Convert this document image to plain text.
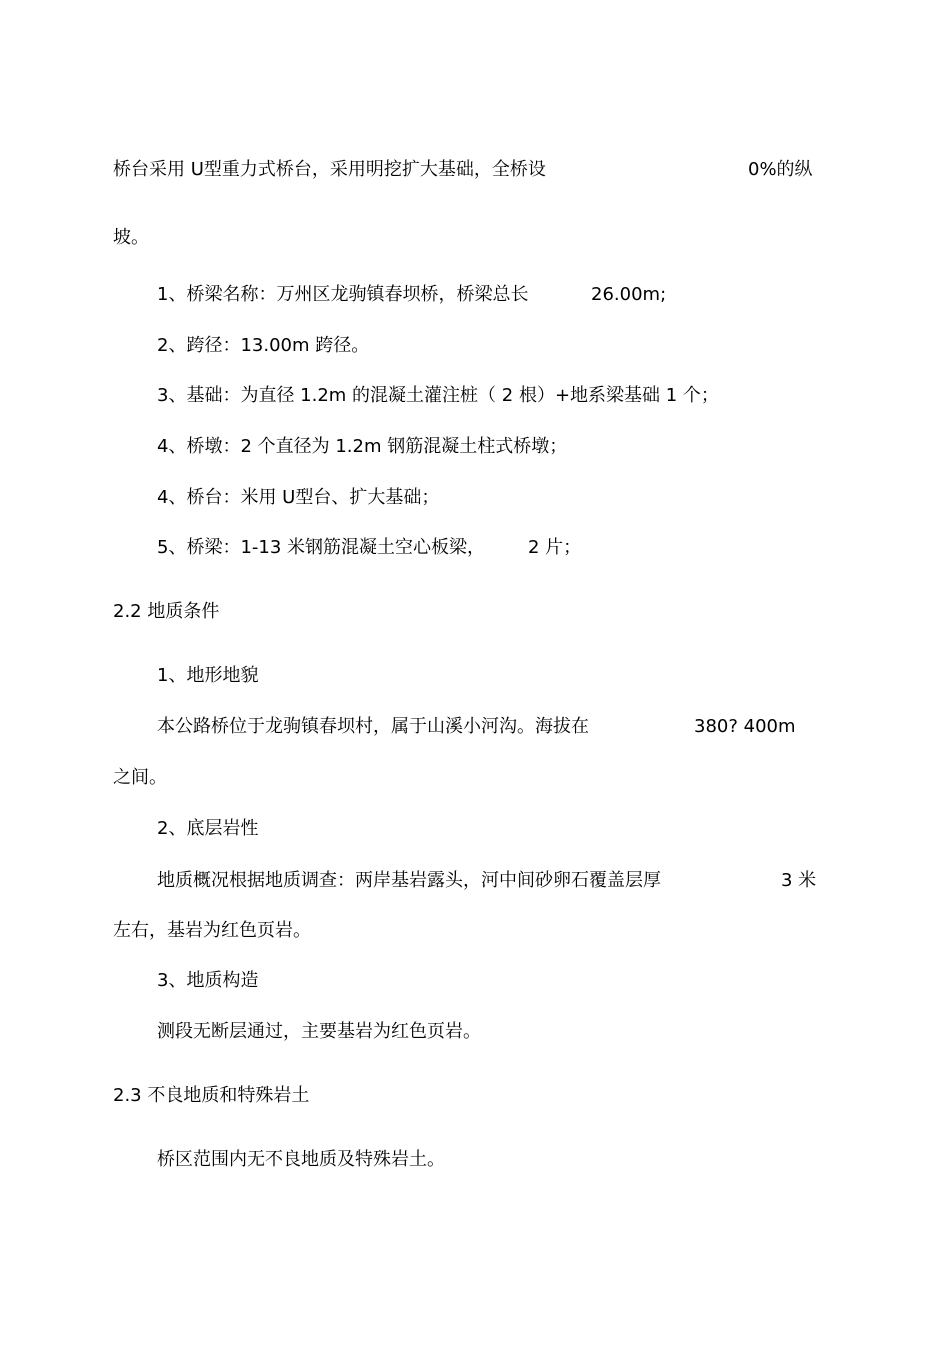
桥台采用 U型重力式桥台，采用明挖扩大基础，全桥设	0%的纵
坡。
1、桥梁名称：万州区龙驹镇春坝桥，桥梁总长	26.00m;
2、跨径：13.00m 跨径。
3、基础：为直径 1.2m 的混凝土灌注桩（ 2 根）+地系梁基础 1 个；
4、桥墩：2 个直径为 1.2m 钢筋混凝土柱式桥墩；
4、桥台：米用 U型台、扩大基础；
5、桥梁：1-13 米钢筋混凝土空心板梁， 2 片；
2.2 地质条件
1、地形地貌
本公路桥位于龙驹镇春坝村，属于山溪小河沟。海拔在	380? 400m
之间。
2、底层岩性
地质概况根据地质调查：两岸基岩露头，河中间砂卵石覆盖层厚	3 米
左右，基岩为红色页岩。
3、地质构造
测段无断层通过，主要基岩为红色页岩。
2.3 不良地质和特殊岩土
桥区范围内无不良地质及特殊岩土。
